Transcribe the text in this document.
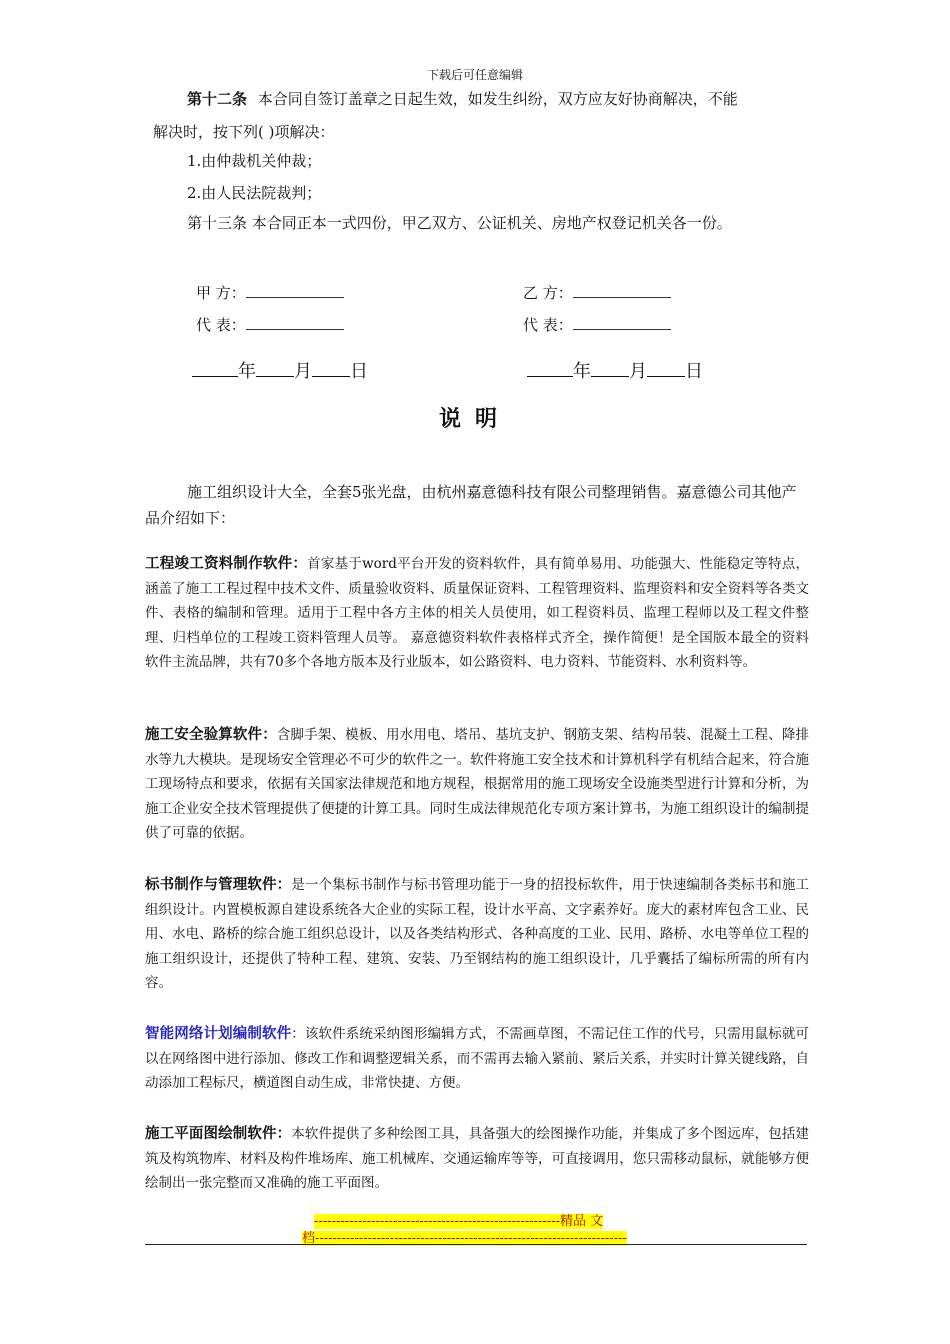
下载后可任意编辑
第十二条 本合同自签订盖章之日起生效，如发生纠纷，双方应友好协商解决，不能
解决时，按下列( )项解决：
1.由仲裁机关仲裁；
2.由人民法院裁判；
第十三条 本合同正本一式四份，甲乙双方、公证机关、房地产权登记机关各一份。
甲 方：
代 表：
乙 方：
代 表：
年 月 日	年 月 日
说明
施工组织设计大全，全套5张光盘，由杭州嘉意德科技有限公司整理销售。嘉意德公司其他产品介绍如下：
工程竣工资料制作软件：首家基于word平台开发的资料软件，具有简单易用、功能强大、性能稳定等特点，涵盖了施工工程过程中技术文件、质量验收资料、质量保证资料、工程管理资料、监理资料和安全资料等各类文件、表格的编制和管理。适用于工程中各方主体的相关人员使用，如工程资料员、监理工程师以及工程文件整理、归档单位的工程竣工资料管理人员等。 嘉意德资料软件表格样式齐全，操作简便！是全国版本最全的资料软件主流品牌，共有70多个各地方版本及行业版本，如公路资料、电力资料、节能资料、水利资料等。
施工安全验算软件：含脚手架、模板、用水用电、塔吊、基坑支护、钢筋支架、结构吊装、混凝土工程、降排水等九大模块。是现场安全管理必不可少的软件之一。软件将施工安全技术和计算机科学有机结合起来，符合施工现场特点和要求，依据有关国家法律规范和地方规程，根据常用的施工现场安全设施类型进行计算和分析，为施工企业安全技术管理提供了便捷的计算工具。同时生成法律规范化专项方案计算书，为施工组织设计的编制提供了可靠的依据。
标书制作与管理软件：是一个集标书制作与标书管理功能于一身的招投标软件，用于快速编制各类标书和施工组织设计。内置模板源自建设系统各大企业的实际工程，设计水平高、文字素养好。庞大的素材库包含工业、民用、水电、路桥的综合施工组织总设计，以及各类结构形式、各种高度的工业、民用、路桥、水电等单位工程的施工组织设计，还提供了特种工程、建筑、安装、乃至钢结构的施工组织设计，几乎囊括了编标所需的所有内容。
智能网络计划编制软件：该软件系统采纳图形编辑方式，不需画草图，不需记住工作的代号，只需用鼠标就可以在网络图中进行添加、修改工作和调整逻辑关系，而不需再去输入紧前、紧后关系，并实时计算关键线路，自动添加工程标尺，横道图自动生成，非常快捷、方便。
施工平面图绘制软件：本软件提供了多种绘图工具，具备强大的绘图操作功能，并集成了多个图远库，包括建筑及构筑物库、材料及构件堆场库、施工机械库、交通运输库等等，可直接调用，您只需移动鼠标，就能够方便绘制出一张完整而又准确的施工平面图。
--------------------------------------------------------精品 文
档-----------------------------------------------------------------------
